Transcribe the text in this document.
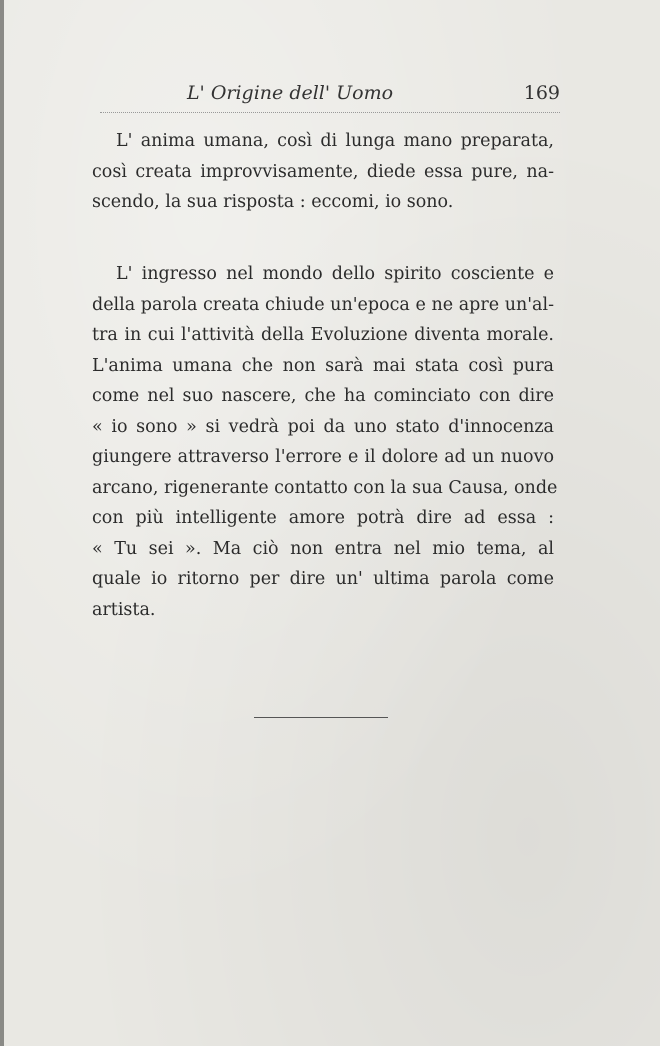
L' Origine dell' Uomo	169

L' anima umana, così di lunga mano preparata,
così creata improvvisamente, diede essa pure, na-
scendo, la sua risposta : eccomi, io sono.

L' ingresso nel mondo dello spirito cosciente e
della parola creata chiude un'epoca e ne apre un'al-
tra in cui l'attività della Evoluzione diventa morale.
L'anima umana che non sarà mai stata così pura
come nel suo nascere, che ha cominciato con dire
« io sono » si vedrà poi da uno stato d'innocenza
giungere attraverso l'errore e il dolore ad un nuovo
arcano, rigenerante contatto con la sua Causa, onde
con più intelligente amore potrà dire ad essa :
« Tu sei ». Ma ciò non entra nel mio tema, al
quale io ritorno per dire un' ultima parola come
artista.
